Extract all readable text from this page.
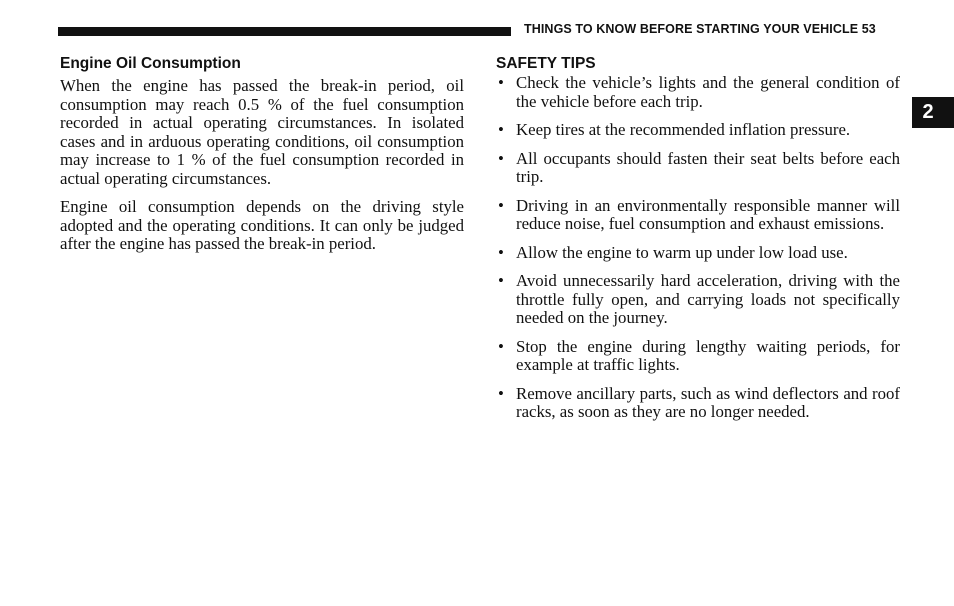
THINGS TO KNOW BEFORE STARTING YOUR VEHICLE 53
2
Engine Oil Consumption

When the engine has passed the break-in period, oil consumption may reach 0.5 % of the fuel consumption recorded in actual operating circumstances. In isolated cases and in arduous operating conditions, oil consumption may increase to 1 % of the fuel consumption recorded in actual operating circumstances.

Engine oil consumption depends on the driving style adopted and the operating conditions. It can only be judged after the engine has passed the break-in period.

SAFETY TIPS
• Check the vehicle’s lights and the general condition of the vehicle before each trip.
• Keep tires at the recommended inflation pressure.
• All occupants should fasten their seat belts before each trip.
• Driving in an environmentally responsible manner will reduce noise, fuel consumption and exhaust emissions.
• Allow the engine to warm up under low load use.
• Avoid unnecessarily hard acceleration, driving with the throttle fully open, and carrying loads not specifically needed on the journey.
• Stop the engine during lengthy waiting periods, for example at traffic lights.
• Remove ancillary parts, such as wind deflectors and roof racks, as soon as they are no longer needed.
